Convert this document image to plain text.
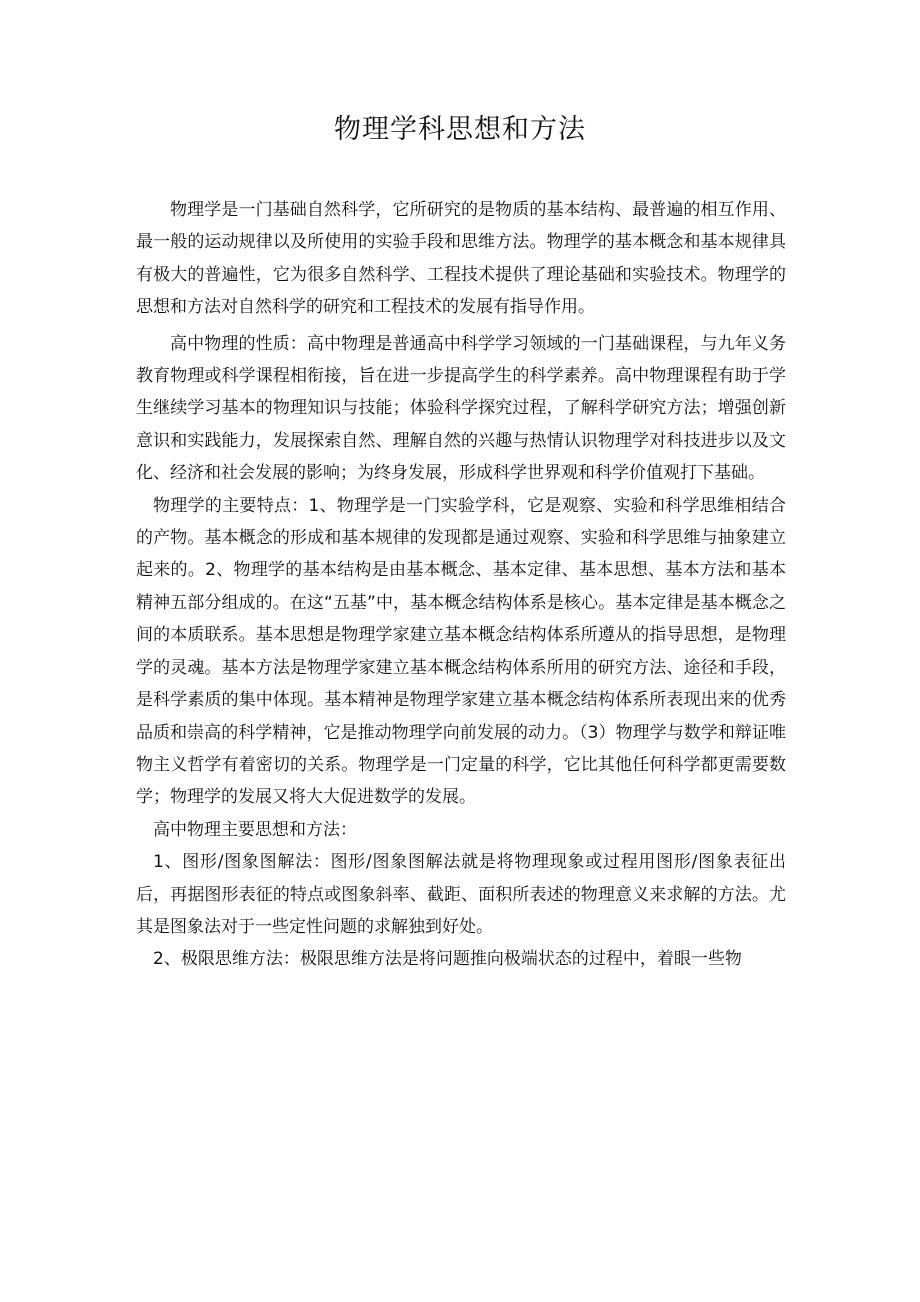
物理学科思想和方法

物理学是一门基础自然科学，它所研究的是物质的基本结构、最普遍的相互作用、最一般的运动规律以及所使用的实验手段和思维方法。物理学的基本概念和基本规律具有极大的普遍性，它为很多自然科学、工程技术提供了理论基础和实验技术。物理学的思想和方法对自然科学的研究和工程技术的发展有指导作用。

高中物理的性质：高中物理是普通高中科学学习领域的一门基础课程，与九年义务教育物理或科学课程相衔接，旨在进一步提高学生的科学素养。高中物理课程有助于学生继续学习基本的物理知识与技能；体验科学探究过程，了解科学研究方法；增强创新意识和实践能力，发展探索自然、理解自然的兴趣与热情认识物理学对科技进步以及文化、经济和社会发展的影响；为终身发展，形成科学世界观和科学价值观打下基础。

物理学的主要特点：1、物理学是一门实验学科，它是观察、实验和科学思维相结合的产物。基本概念的形成和基本规律的发现都是通过观察、实验和科学思维与抽象建立起来的。2、物理学的基本结构是由基本概念、基本定律、基本思想、基本方法和基本精神五部分组成的。在这“五基”中，基本概念结构体系是核心。基本定律是基本概念之间的本质联系。基本思想是物理学家建立基本概念结构体系所遵从的指导思想，是物理学的灵魂。基本方法是物理学家建立基本概念结构体系所用的研究方法、途径和手段，是科学素质的集中体现。基本精神是物理学家建立基本概念结构体系所表现出来的优秀品质和崇高的科学精神，它是推动物理学向前发展的动力。（3）物理学与数学和辩证唯物主义哲学有着密切的关系。物理学是一门定量的科学，它比其他任何科学都更需要数学；物理学的发展又将大大促进数学的发展。

高中物理主要思想和方法：

1、图形/图象图解法：图形/图象图解法就是将物理现象或过程用图形/图象表征出后，再据图形表征的特点或图象斜率、截距、面积所表述的物理意义来求解的方法。尤其是图象法对于一些定性问题的求解独到好处。

2、极限思维方法：极限思维方法是将问题推向极端状态的过程中，着眼一些物
